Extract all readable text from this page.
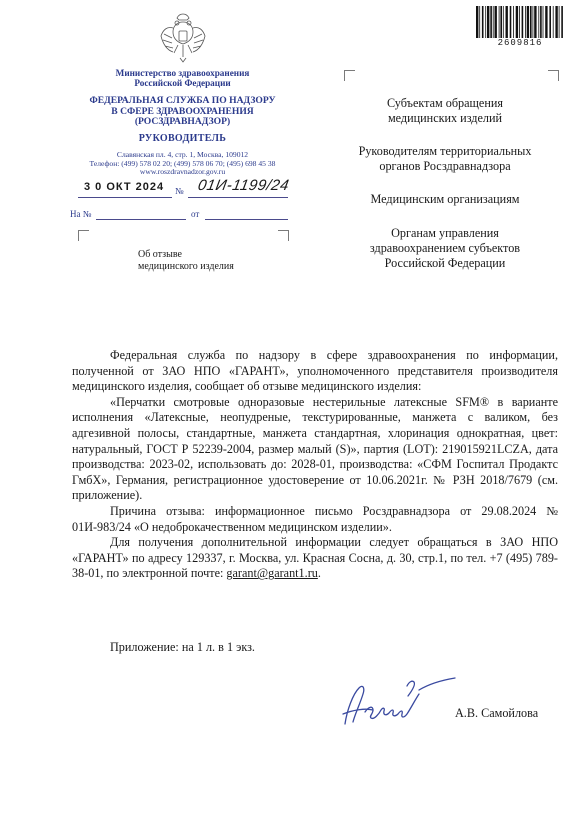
2609816
Министерство здравоохранения
Российской Федерации
ФЕДЕРАЛЬНАЯ СЛУЖБА ПО НАДЗОРУ
В СФЕРЕ ЗДРАВООХРАНЕНИЯ
(РОСЗДРАВНАДЗОР)
РУКОВОДИТЕЛЬ
Славянская пл. 4, стр. 1, Москва, 109012
Телефон: (499) 578 02 20; (499) 578 06 70; (495) 698 45 38
www.roszdravnadzor.gov.ru
3 0 ОКТ 2024 № 01И-1199/24
На №	от
Об отзыве
медицинского изделия
Субъектам обращения
медицинских изделий
Руководителям территориальных
органов Росздравнадзора
Медицинским организациям
Органам управления
здравоохранением субъектов
Российской Федерации

Федеральная служба по надзору в сфере здравоохранения по информации, полученной от ЗАО НПО «ГАРАНТ», уполномоченного представителя производителя медицинского изделия, сообщает об отзыве медицинского изделия:

«Перчатки смотровые одноразовые нестерильные латексные SFM® в варианте исполнения «Латексные, неопудреные, текстурированные, манжета с валиком, без адгезивной полосы, стандартные, манжета стандартная, хлоринация однократная, цвет: натуральный, ГОСТ Р 52239-2004, размер малый (S)», партия (LOT): 219015921LCZA, дата производства: 2023-02, использовать до: 2028-01, производства: «СФМ Госпитал Продактс ГмбХ», Германия, регистрационное удостоверение от 10.06.2021г. № РЗН 2018/7679 (см. приложение).

Причина отзыва: информационное письмо Росздравнадзора от 29.08.2024 № 01И-983/24 «О недоброкачественном медицинском изделии».

Для получения дополнительной информации следует обращаться в ЗАО НПО «ГАРАНТ» по адресу 129337, г. Москва, ул. Красная Сосна, д. 30, стр.1, по тел. +7 (495) 789-38-01, по электронной почте: garant@garant1.ru.

Приложение: на 1 л. в 1 экз.
А.В. Самойлова
